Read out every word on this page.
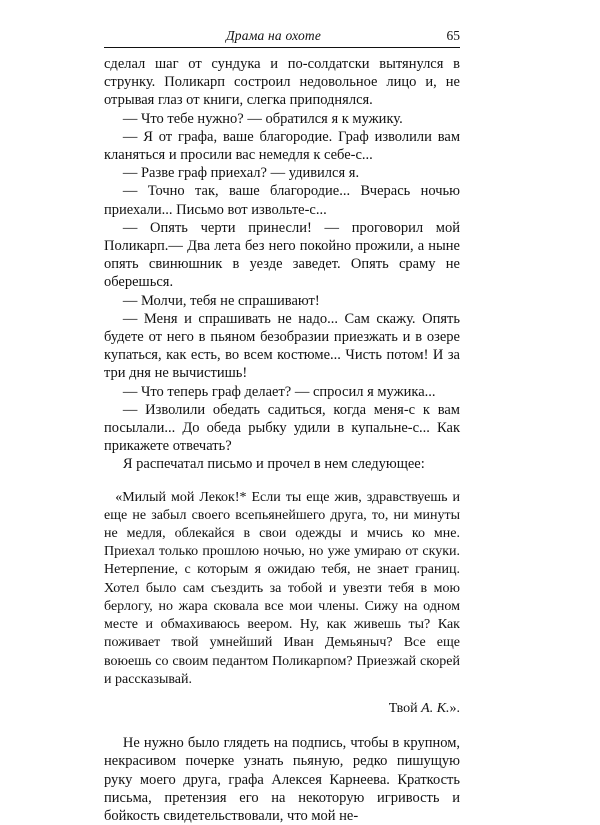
Драма на охоте	65

сделал шаг от сундука и по-солдатски вытянулся в струнку. Поликарп состроил недовольное лицо и, не отрывая глаз от книги, слегка приподнялся.

— Что тебе нужно? — обратился я к мужику.

— Я от графа, ваше благородие. Граф изволили вам кланяться и просили вас немедля к себе-с...

— Разве граф приехал? — удивился я.

— Точно так, ваше благородие... Вчерась ночью приехали... Письмо вот извольте-с...

— Опять черти принесли! — проговорил мой Поликарп.— Два лета без него покойно прожили, а ныне опять свинюшник в уезде заведет. Опять сраму не оберешься.

— Молчи, тебя не спрашивают!

— Меня и спрашивать не надо... Сам скажу. Опять будете от него в пьяном безобразии приезжать и в озере купаться, как есть, во всем костюме... Чисть потом! И за три дня не вычистишь!

— Что теперь граф делает? — спросил я мужика...

— Изволили обедать садиться, когда меня-с к вам посылали... До обеда рыбку удили в купальне-с... Как прикажете отвечать?

Я распечатал письмо и прочел в нем следующее:

«Милый мой Лекок!* Если ты еще жив, здравствуешь и еще не забыл своего всепьянейшего друга, то, ни минуты не медля, облекайся в свои одежды и мчись ко мне. Приехал только прошлою ночью, но уже умираю от скуки. Нетерпение, с которым я ожидаю тебя, не знает границ. Хотел было сам съездить за тобой и увезти тебя в мою берлогу, но жара сковала все мои члены. Сижу на одном месте и обмахиваюсь веером. Ну, как живешь ты? Как поживает твой умнейший Иван Демьяныч? Все еще воюешь со своим педантом Поликарпом? Приезжай скорей и рассказывай.

Твой А. К.».

Не нужно было глядеть на подпись, чтобы в крупном, некрасивом почерке узнать пьяную, редко пишущую руку моего друга, графа Алексея Карнеева. Краткость письма, претензия его на некоторую игривость и бойкость свидетельствовали, что мой не-
